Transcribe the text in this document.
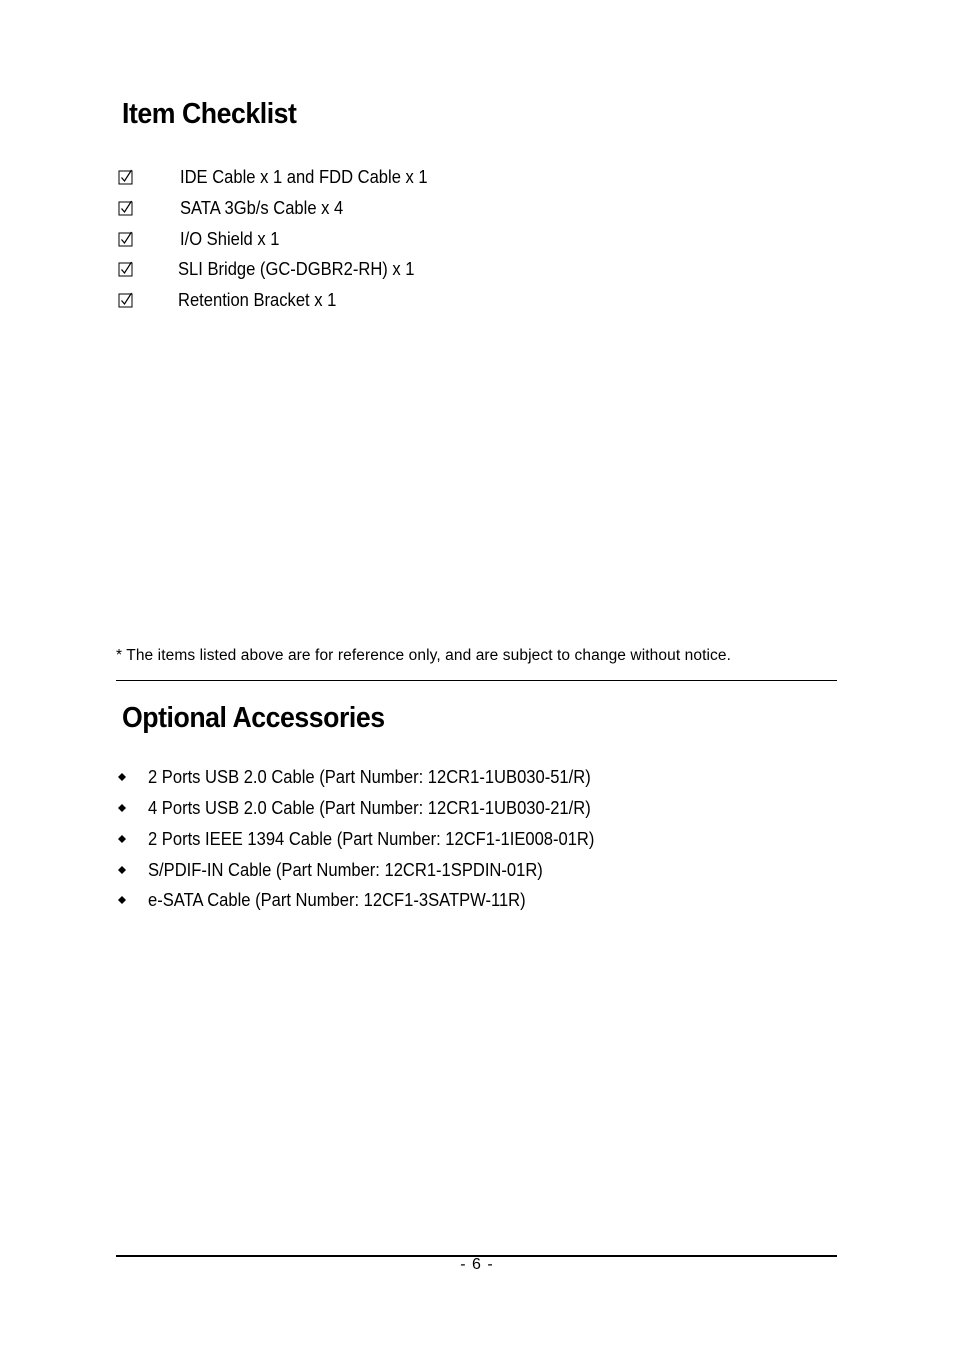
Item Checklist
IDE Cable x 1 and FDD Cable x 1
SATA 3Gb/s Cable x 4
I/O Shield x 1
SLI Bridge (GC-DGBR2-RH) x 1
Retention Bracket x 1
* The items listed above are for reference only, and are subject to change without notice.
Optional Accessories
2 Ports USB 2.0 Cable (Part Number: 12CR1-1UB030-51/R)
4 Ports USB 2.0 Cable (Part Number: 12CR1-1UB030-21/R)
2 Ports IEEE 1394 Cable (Part Number: 12CF1-1IE008-01R)
S/PDIF-IN Cable (Part Number: 12CR1-1SPDIN-01R)
e-SATA Cable (Part Number: 12CF1-3SATPW-11R)
- 6 -
